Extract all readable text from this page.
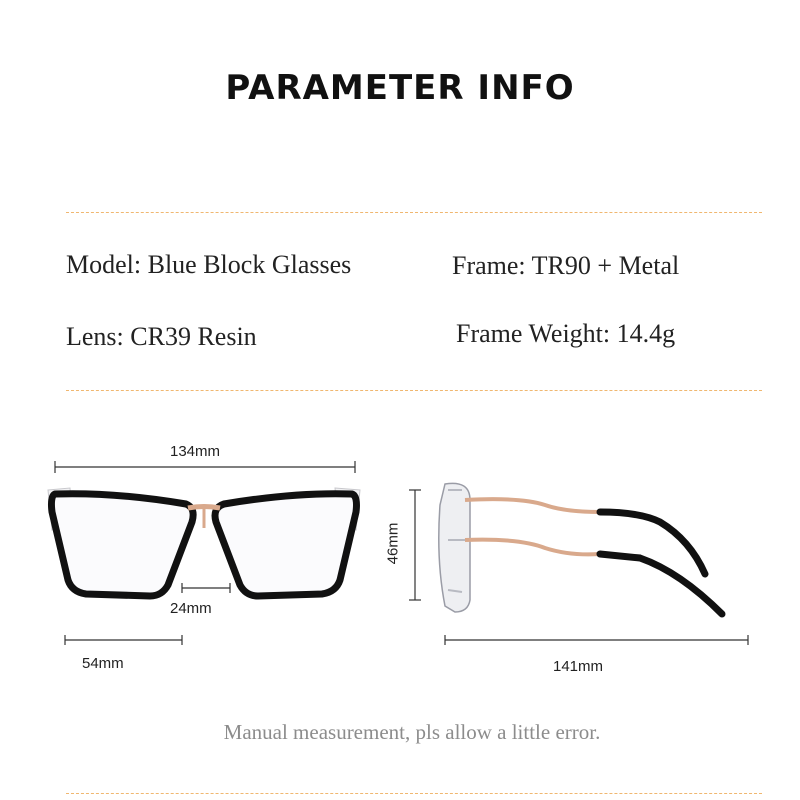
PARAMETER INFO
Model: Blue Block Glasses	Frame: TR90 + Metal
Lens: CR39 Resin	Frame Weight: 14.4g
134mm
24mm
54mm
46mm
141mm
Manual measurement, pls allow a little error.
